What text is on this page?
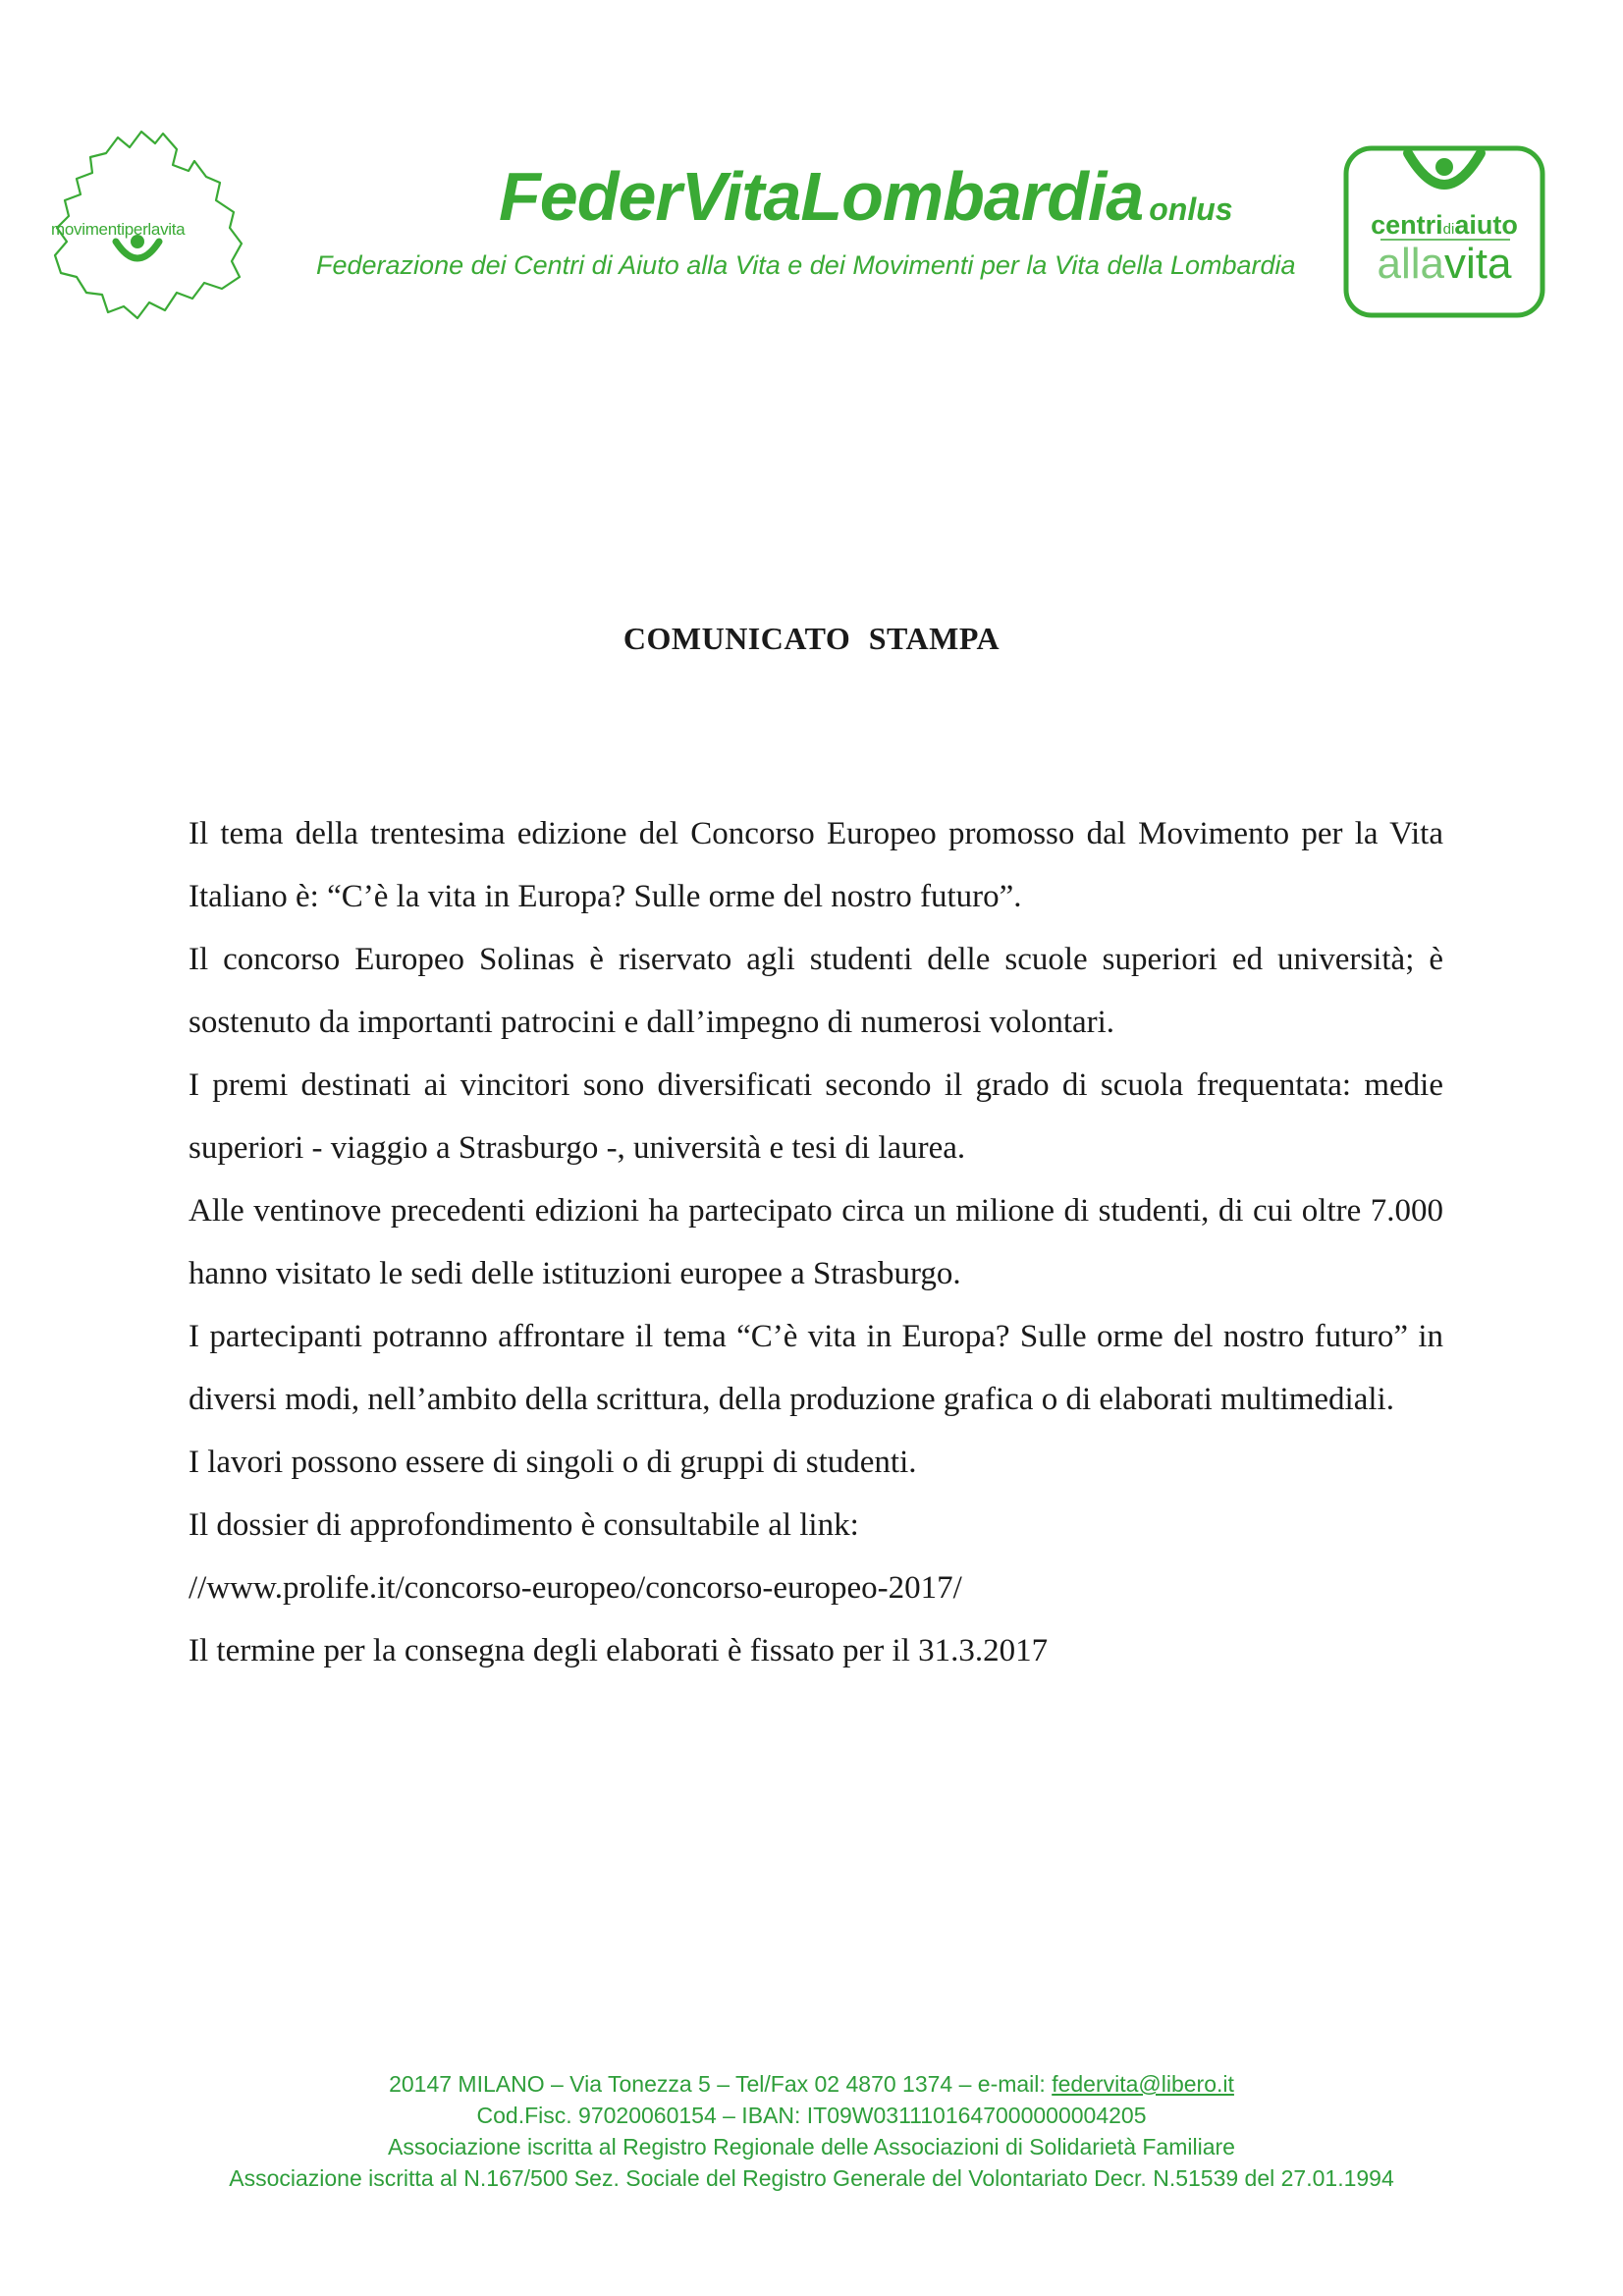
movimentiperlavita	FederVitaLombardia onlus
Federazione dei Centri di Aiuto alla Vita e dei Movimenti per la Vita della Lombardia
centridiaiuto
allavita
COMUNICATO STAMPA

Il tema della trentesima edizione del Concorso Europeo promosso dal Movimento per la Vita Italiano è: “C’è la vita in Europa? Sulle orme del nostro futuro”.

Il concorso Europeo Solinas è riservato agli studenti delle scuole superiori ed università; è sostenuto da importanti patrocini e dall’impegno di numerosi volontari.

I premi destinati ai vincitori sono diversificati secondo il grado di scuola frequentata: medie superiori - viaggio a Strasburgo -, università e tesi di laurea.

Alle ventinove precedenti edizioni ha partecipato circa un milione di studenti, di cui oltre 7.000 hanno visitato le sedi delle istituzioni europee a Strasburgo.

I partecipanti potranno affrontare il tema “C’è vita in Europa? Sulle orme del nostro futuro” in diversi modi, nell’ambito della scrittura, della produzione grafica o di elaborati multimediali.

I lavori possono essere di singoli o di gruppi di studenti.

Il dossier di approfondimento è consultabile al link:

//www.prolife.it/concorso-europeo/concorso-europeo-2017/

Il termine per la consegna degli elaborati è fissato per il 31.3.2017

20147 MILANO – Via Tonezza 5 – Tel/Fax 02 4870 1374 – e-mail: federvita@libero.it
Cod.Fisc. 97020060154 – IBAN: IT09W0311101647000000004205
Associazione iscritta al Registro Regionale delle Associazioni di Solidarietà Familiare
Associazione iscritta al N.167/500 Sez. Sociale del Registro Generale del Volontariato Decr. N.51539 del 27.01.1994
